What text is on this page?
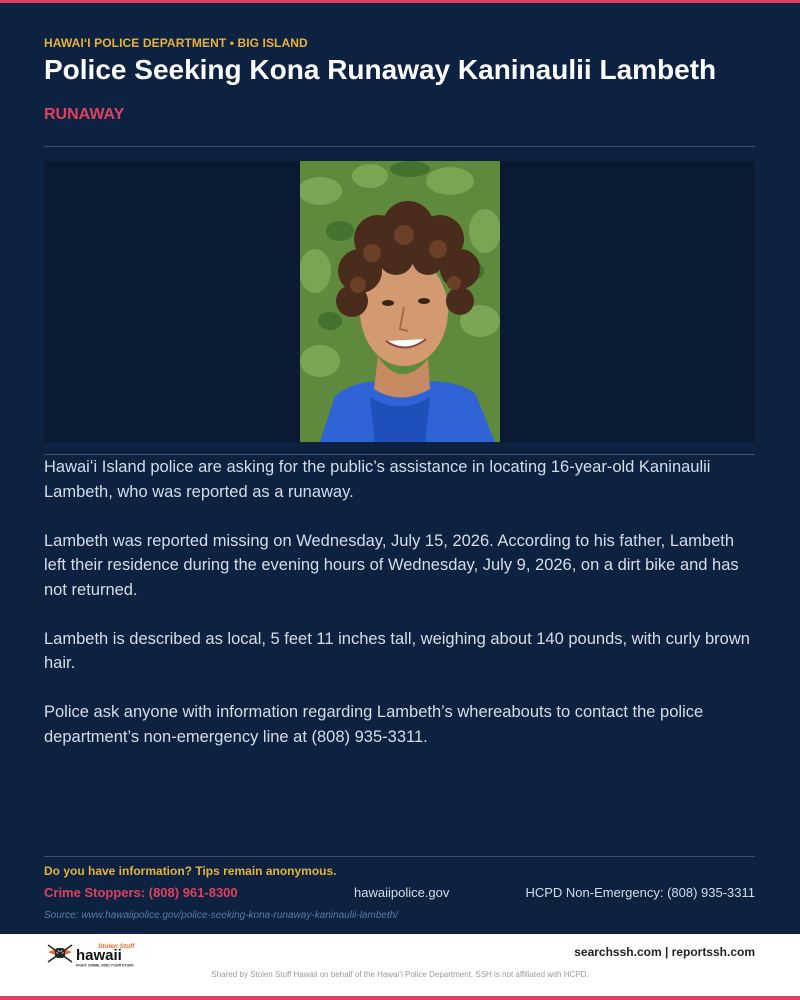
HAWAIʻI POLICE DEPARTMENT • BIG ISLAND
Police Seeking Kona Runaway Kaninaulii Lambeth
RUNAWAY

Hawaiʻi Island police are asking for the public’s assistance in locating 16-year-old Kaninaulii Lambeth, who was reported as a runaway.

Lambeth was reported missing on Wednesday, July 15, 2026. According to his father, Lambeth left their residence during the evening hours of Wednesday, July 9, 2026, on a dirt bike and has not returned.

Lambeth is described as local, 5 feet 11 inches tall, weighing about 140 pounds, with curly brown hair.

Police ask anyone with information regarding Lambeth’s whereabouts to contact the police department’s non-emergency line at (808) 935-3311.

Do you have information? Tips remain anonymous.
Crime Stoppers: (808) 961-8300	hawaiipolice.gov	HCPD Non-Emergency: (808) 935-3311
Source: www.hawaiipolice.gov/police-seeking-kona-runaway-kaninaulii-lambeth/
Stolen Stuff
hawaii
FIGHT CRIME. FIND YOUR STUFF.
searchssh.com | reportssh.com
Shared by Stolen Stuff Hawaii on behalf of the Hawaiʻi Police Department. SSH is not affiliated with HCPD.
